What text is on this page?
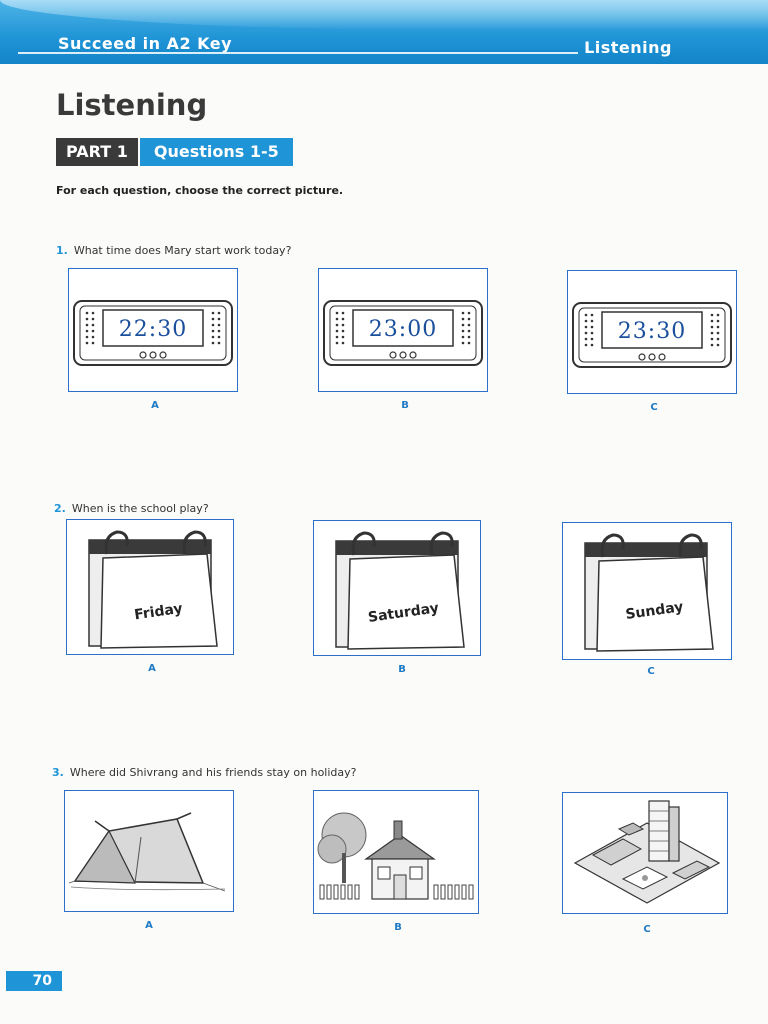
Succeed in A2 Key	Listening
Listening
PART 1	Questions 1-5
For each question, choose the correct picture.
1. What time does Mary start work today?
22:30
A
23:00
B
23:30
C
2. When is the school play?
Friday
A
Saturday
B
Sunday
C
3. Where did Shivrang and his friends stay on holiday?
A	B	C
70
